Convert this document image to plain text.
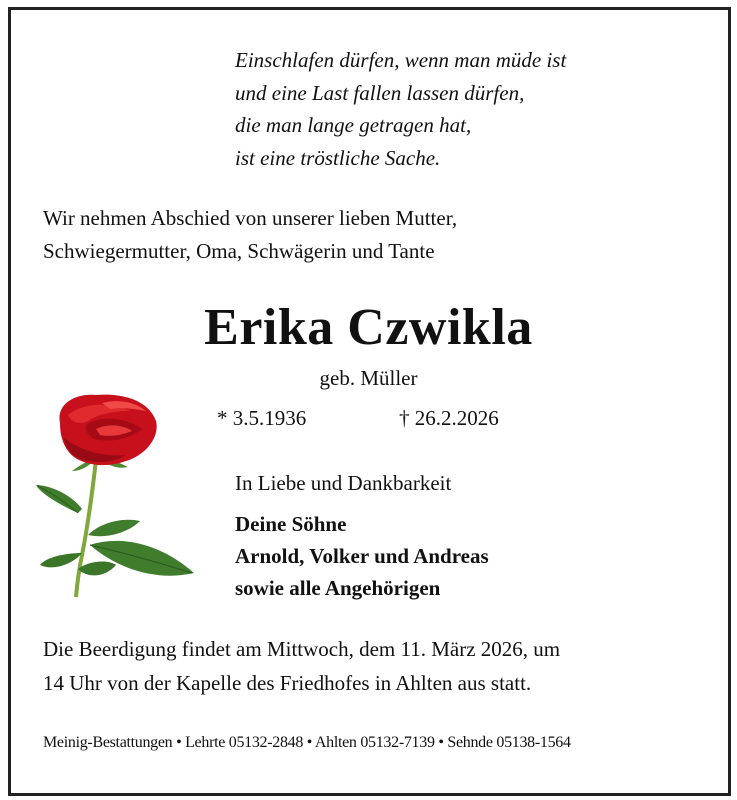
Einschlafen dürfen, wenn man müde ist
und eine Last fallen lassen dürfen,
die man lange getragen hat,
ist eine tröstliche Sache.
Wir nehmen Abschied von unserer lieben Mutter,
Schwiegermutter, Oma, Schwägerin und Tante
Erika Czwikla
geb. Müller
* 3.5.1936	† 26.2.2026
In Liebe und Dankbarkeit
Deine Söhne
Arnold, Volker und Andreas
sowie alle Angehörigen
Die Beerdigung findet am Mittwoch, dem 11. März 2026, um
14 Uhr von der Kapelle des Friedhofes in Ahlten aus statt.
Meinig-Bestattungen • Lehrte 05132-2848 • Ahlten 05132-7139 • Sehnde 05138-1564
